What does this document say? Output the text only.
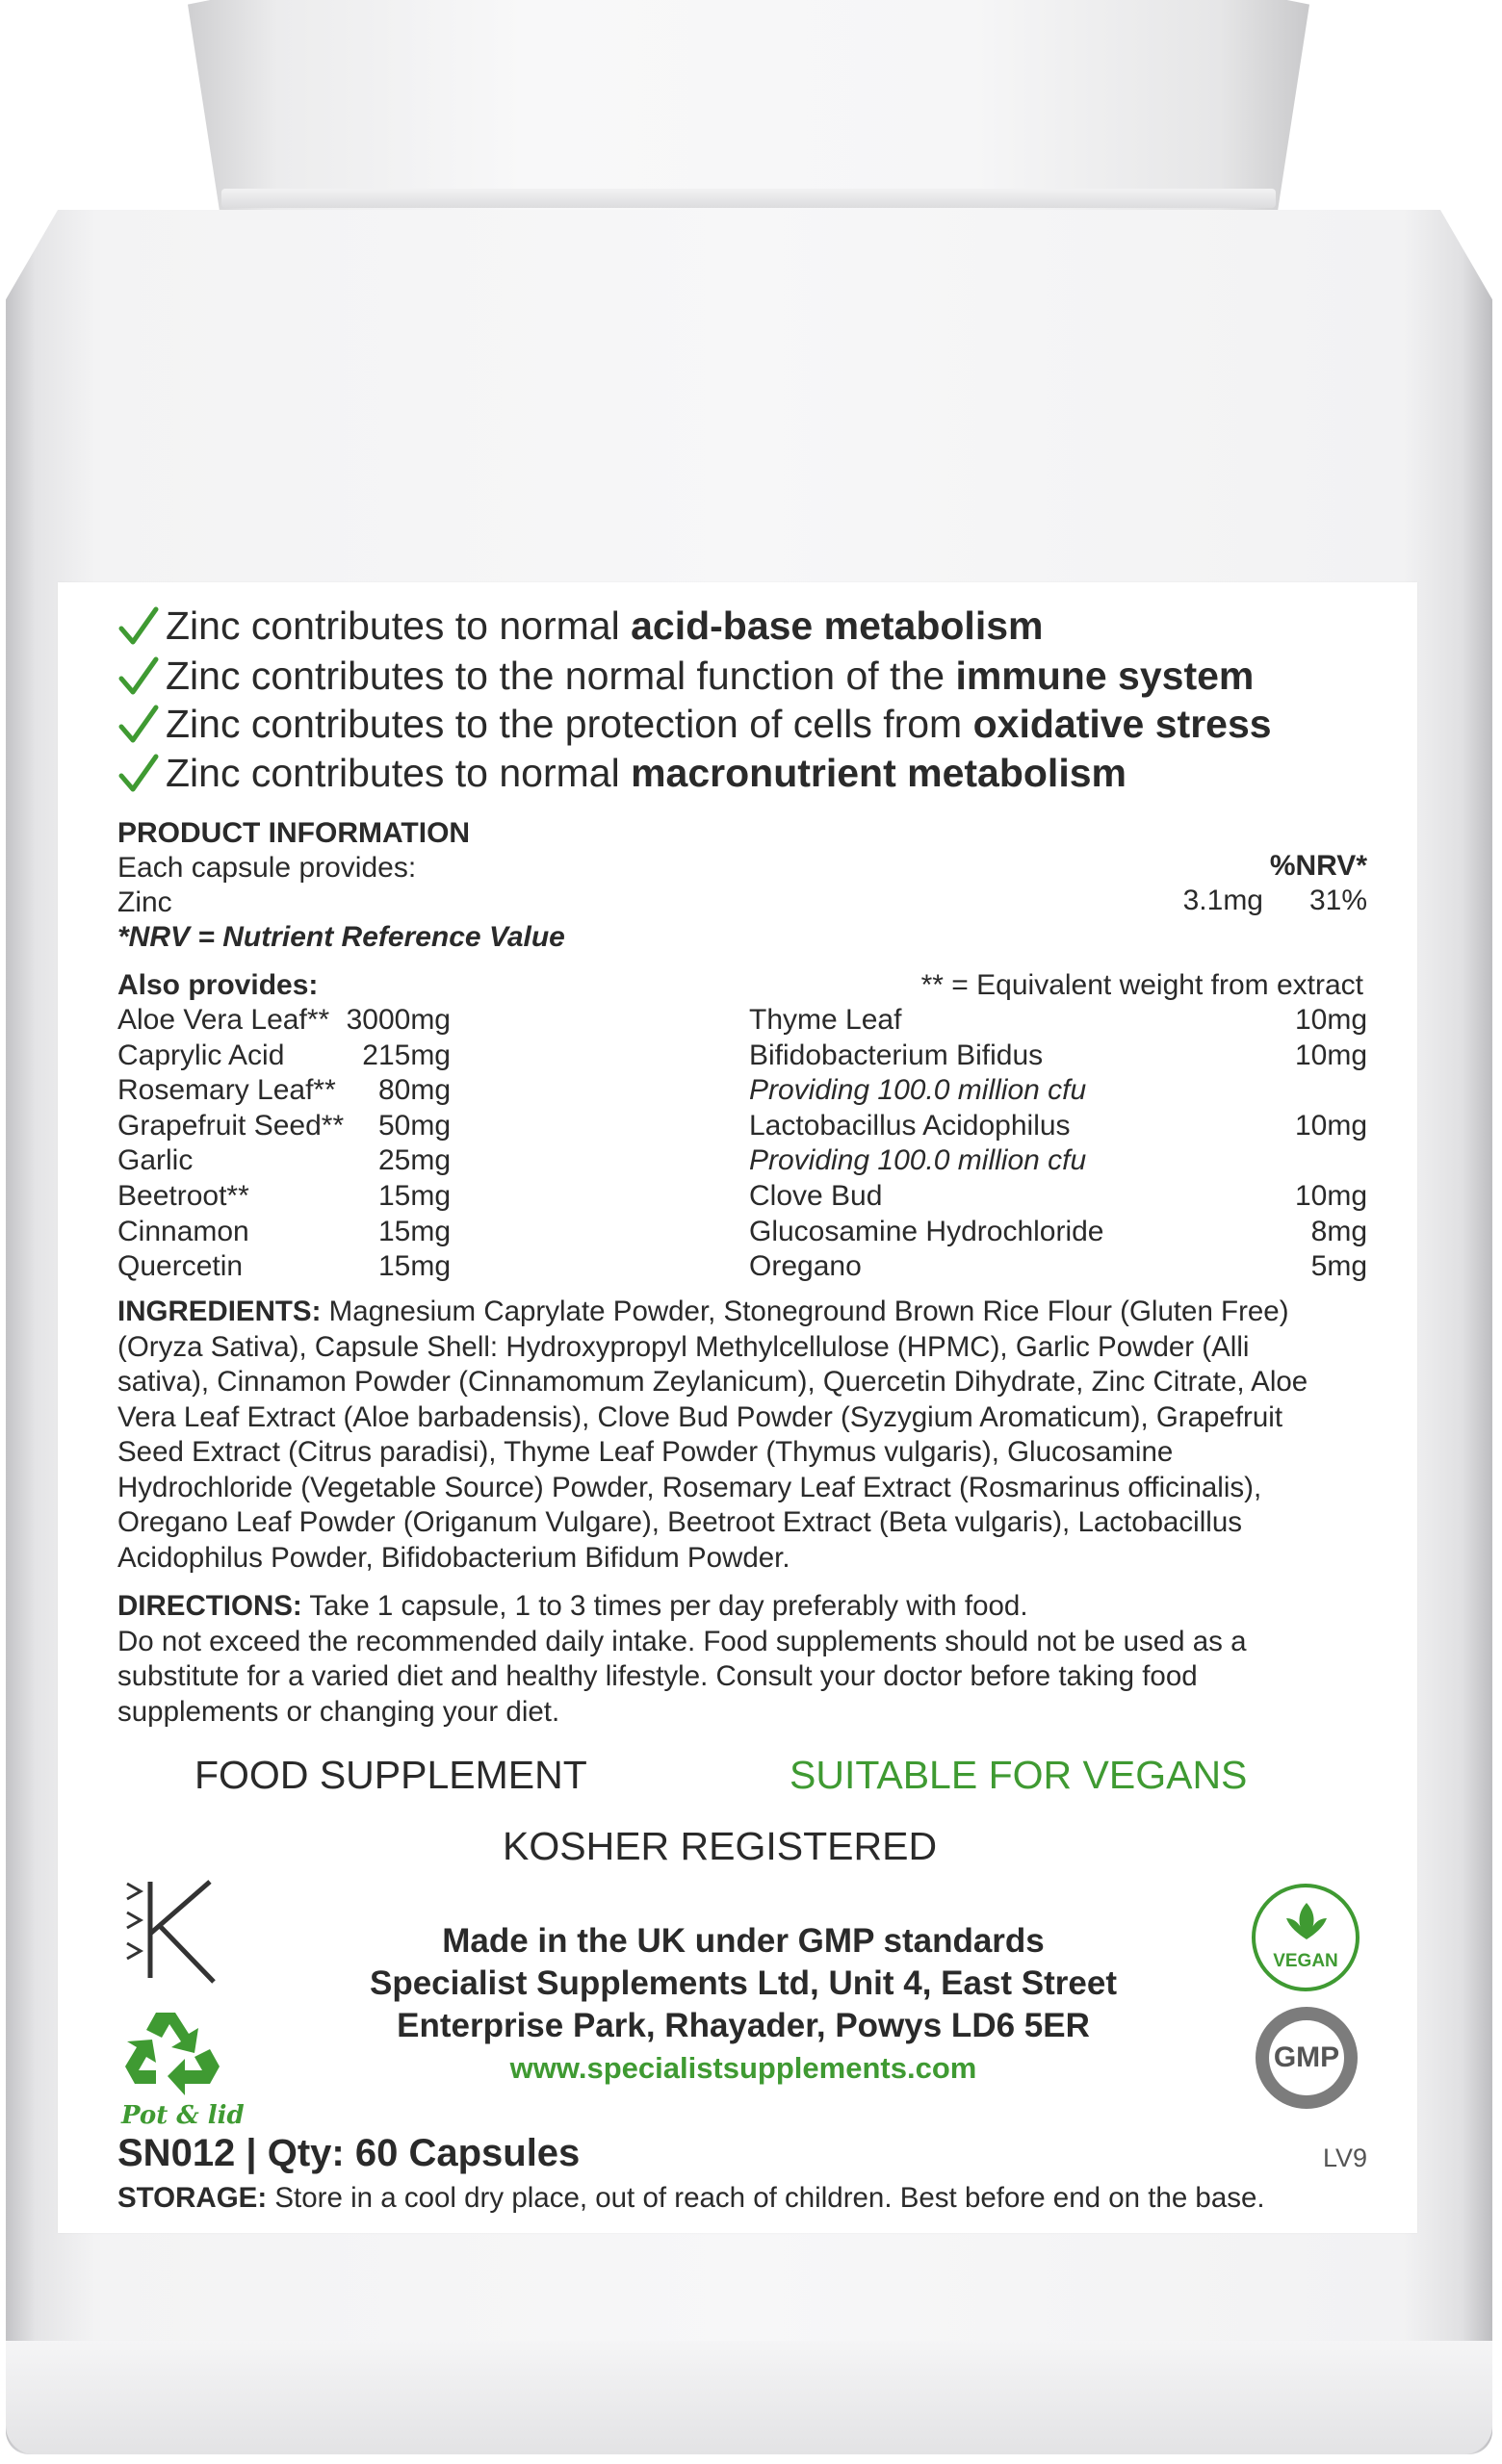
Zinc contributes to normal acid-base metabolism
Zinc contributes to the normal function of the immune system
Zinc contributes to the protection of cells from oxidative stress
Zinc contributes to normal macronutrient metabolism
PRODUCT INFORMATION
Each capsule provides:	%NRV*
Zinc	3.1mg 31%
*NRV = Nutrient Reference Value
Also provides:	** = Equivalent weight from extract
Aloe Vera Leaf** 3000mg
Caprylic Acid	215mg
Rosemary Leaf** 80mg
Grapefruit Seed** 50mg
Garlic	25mg
Beetroot**	15mg
Cinnamon	15mg
Quercetin	15mg
Thyme Leaf	10mg
Bifidobacterium Bifidus	10mg
Providing 100.0 million cfu
Lactobacillus Acidophilus	10mg
Providing 100.0 million cfu
Clove Bud	10mg
Glucosamine Hydrochloride	8mg
Oregano	5mg
INGREDIENTS: Magnesium Caprylate Powder, Stoneground Brown Rice Flour (Gluten Free)
(Oryza Sativa), Capsule Shell: Hydroxypropyl Methylcellulose (HPMC), Garlic Powder (Alli
sativa), Cinnamon Powder (Cinnamomum Zeylanicum), Quercetin Dihydrate, Zinc Citrate, Aloe
Vera Leaf Extract (Aloe barbadensis), Clove Bud Powder (Syzygium Aromaticum), Grapefruit
Seed Extract (Citrus paradisi), Thyme Leaf Powder (Thymus vulgaris), Glucosamine
Hydrochloride (Vegetable Source) Powder, Rosemary Leaf Extract (Rosmarinus officinalis),
Oregano Leaf Powder (Origanum Vulgare), Beetroot Extract (Beta vulgaris), Lactobacillus
Acidophilus Powder, Bifidobacterium Bifidum Powder.
DIRECTIONS: Take 1 capsule, 1 to 3 times per day preferably with food.
Do not exceed the recommended daily intake. Food supplements should not be used as a
substitute for a varied diet and healthy lifestyle. Consult your doctor before taking food
supplements or changing your diet.
FOOD SUPPLEMENT	SUITABLE FOR VEGANS
KOSHER REGISTERED
Pot & lid
Made in the UK under GMP standards
Specialist Supplements Ltd, Unit 4, East Street
Enterprise Park, Rhayader, Powys LD6 5ER
www.specialistsupplements.com
VEGAN
GMP
SN012 | Qty: 60 Capsules	LV9
STORAGE: Store in a cool dry place, out of reach of children. Best before end on the base.
